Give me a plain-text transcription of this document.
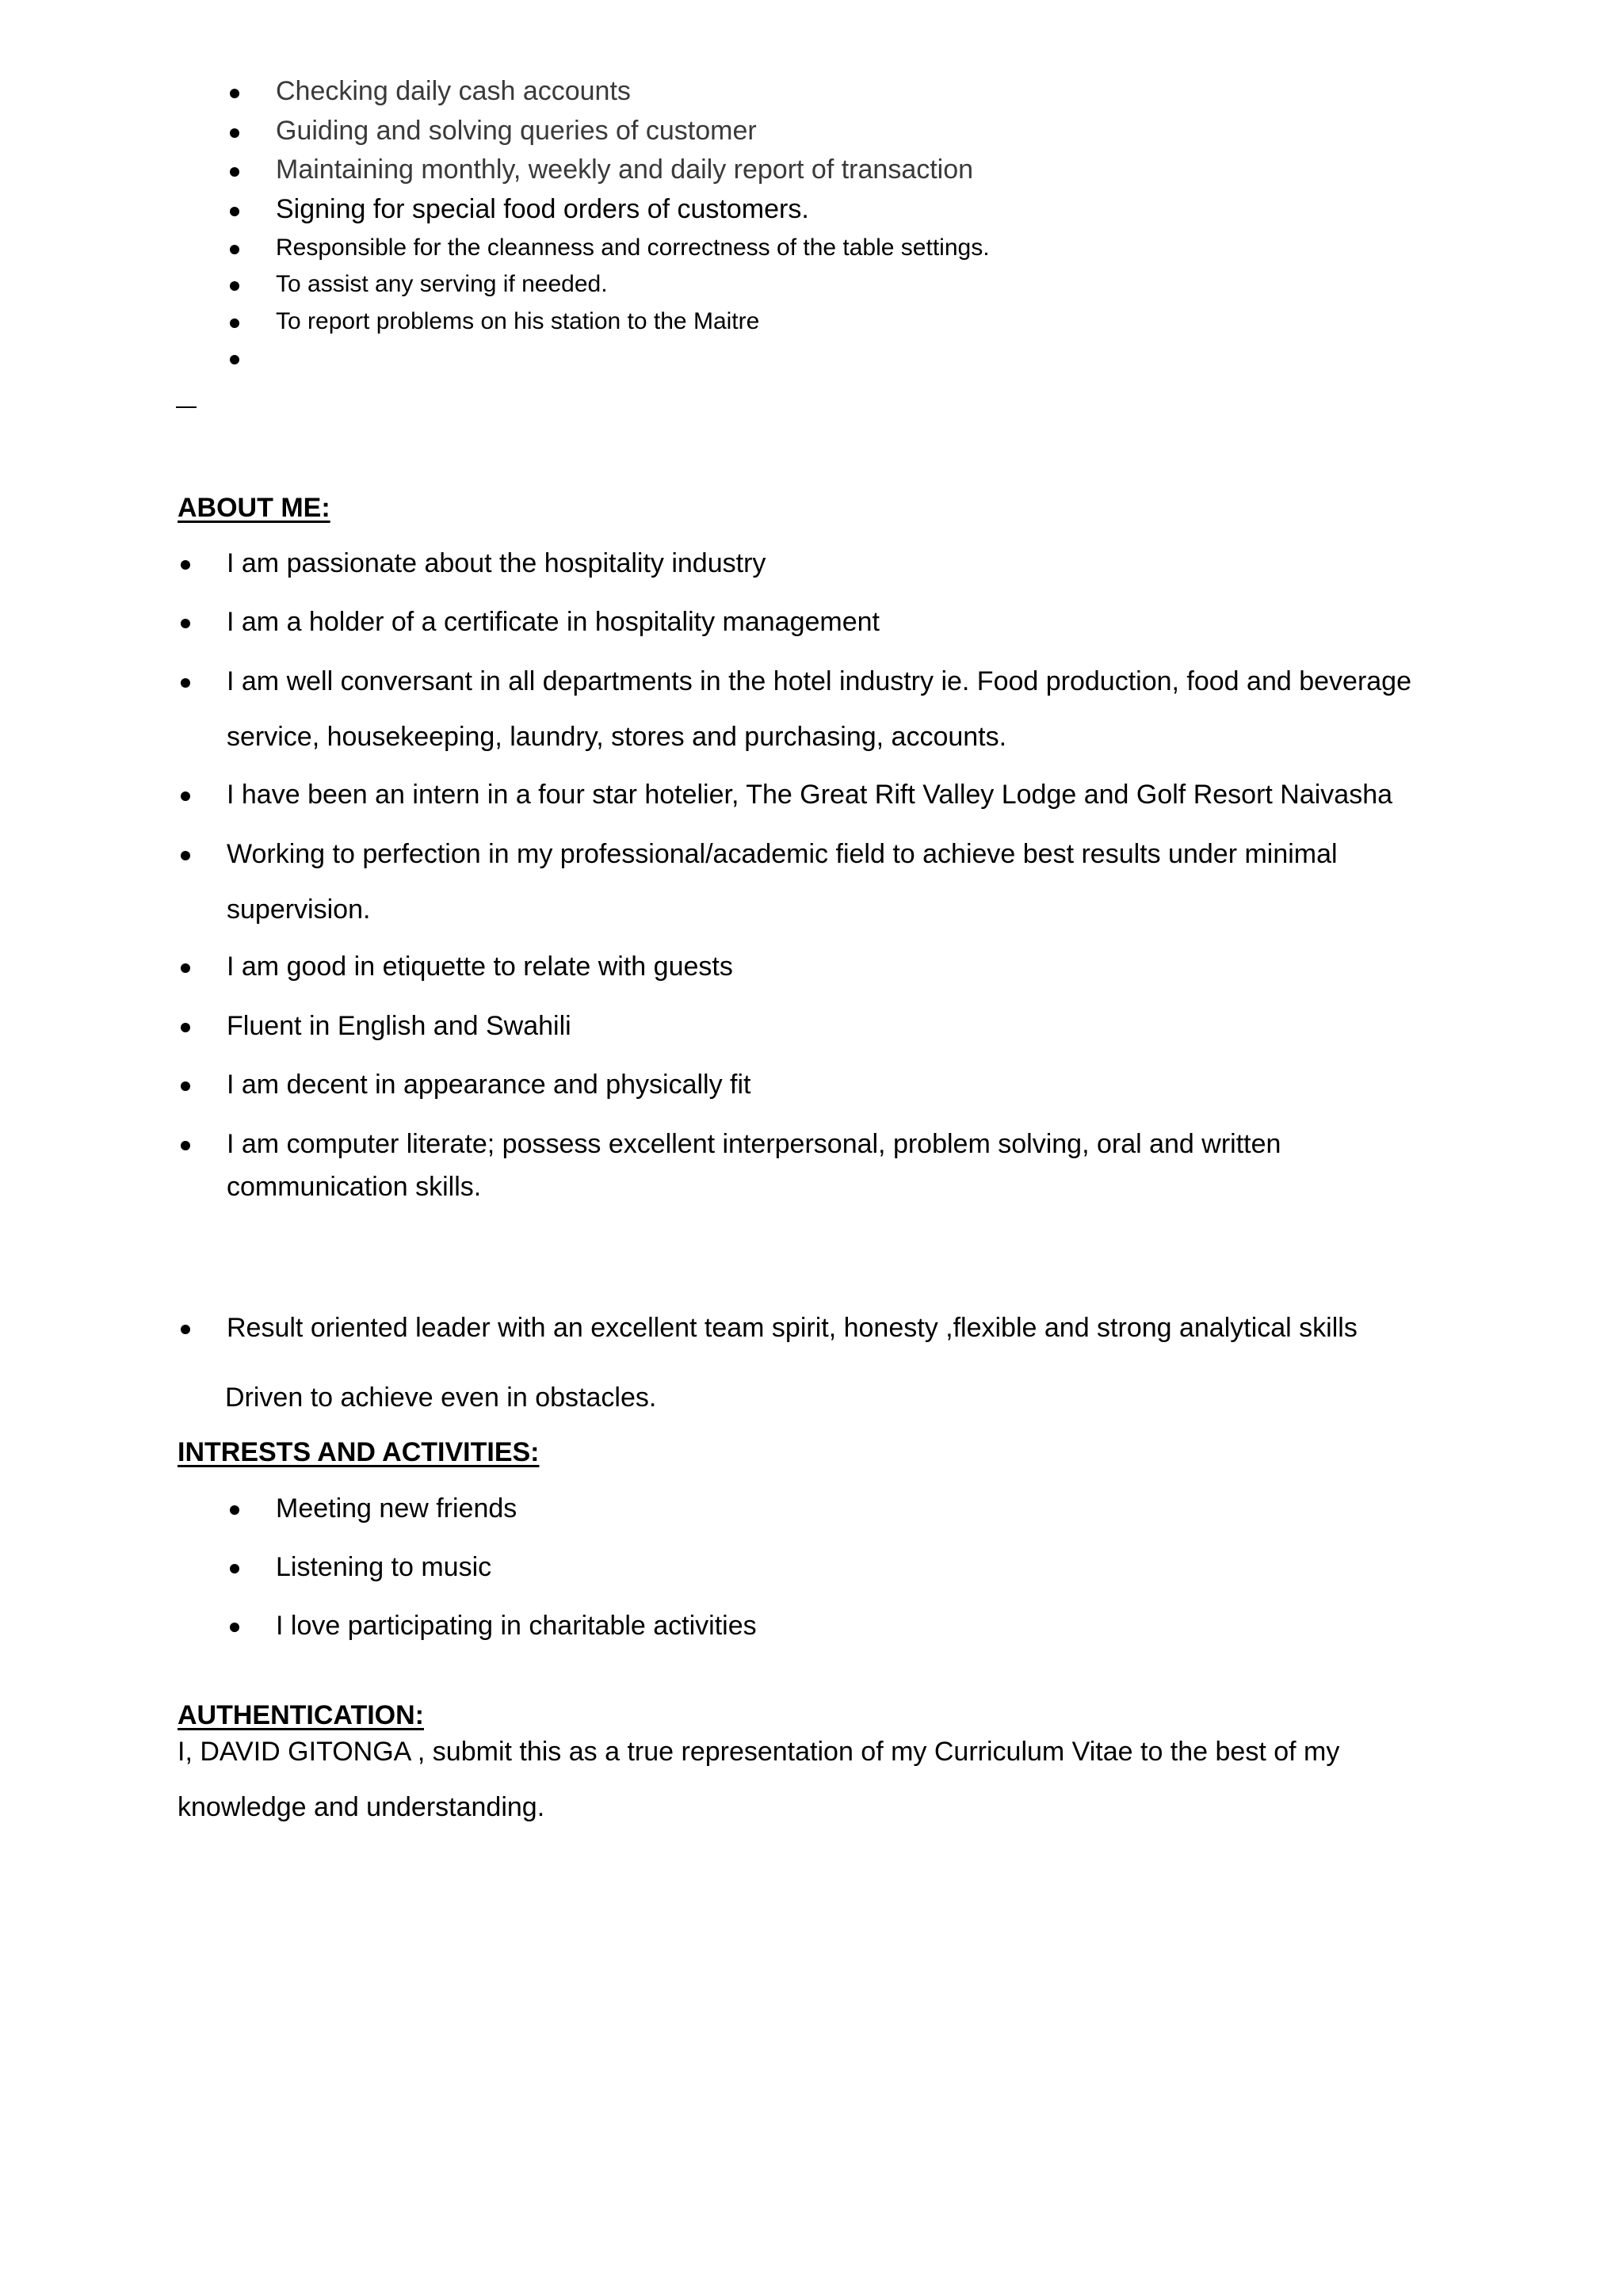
Checking daily cash accounts
Guiding and solving queries of customer
Maintaining monthly, weekly and daily report of transaction
Signing for special food orders of customers.
Responsible for the cleanness and correctness of the table settings.
To assist any serving if needed.
To report problems on his station to the Maitre
ABOUT ME:
I am passionate about the hospitality industry
I am a holder of a certificate in hospitality management
I am well conversant in all departments in the hotel industry ie. Food production, food and beverage
service, housekeeping, laundry, stores and purchasing, accounts.
I have been an intern in a four star hotelier, The Great Rift Valley Lodge and Golf Resort Naivasha
Working to perfection in my professional/academic field to achieve best results under minimal
supervision.
I am good in etiquette to relate with guests
Fluent in English and Swahili
I am decent in appearance and physically fit
I am computer literate; possess excellent interpersonal, problem solving, oral and written
communication skills.
Result oriented leader with an excellent team spirit, honesty ,flexible and strong analytical skills
Driven to achieve even in obstacles.
INTRESTS AND ACTIVITIES:
Meeting new friends
Listening to music
I love participating in charitable activities
AUTHENTICATION:
I, DAVID GITONGA , submit this as a true representation of my Curriculum Vitae to the best of my
knowledge and understanding.
